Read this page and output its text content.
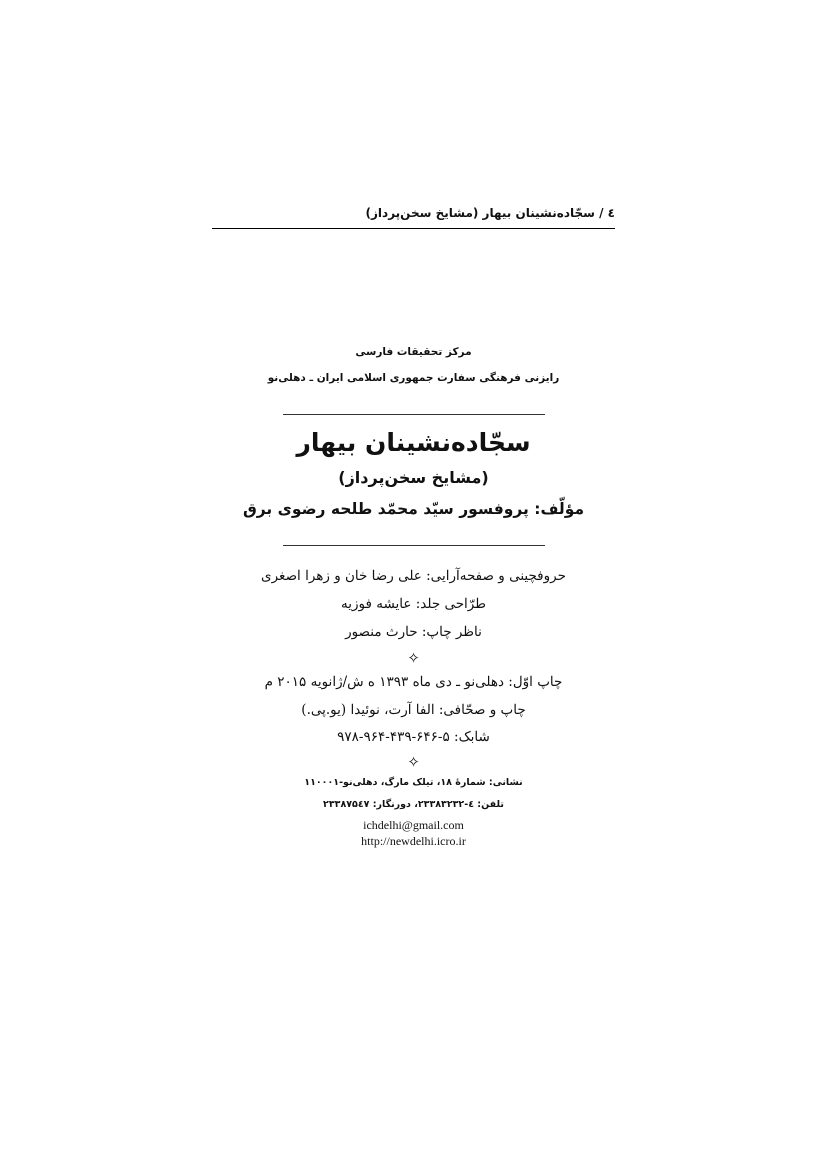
٤ / سجّاده‌نشینان بیهار (مشایخ سخن‌پرداز)
مرکز تحقیقات فارسی
رایزنی فرهنگی سفارت جمهوری اسلامی ایران ـ دهلی‌نو
سجّاده‌نشینان بیهار
(مشایخ سخن‌پرداز)
مؤلّف: پروفسور سیّد محمّد طلحه رضوی برق
حروفچینی و صفحه‌آرایی: علی رضا خان و زهرا اصغری
طرّاحی جلد: عایشه فوزیه
ناظر چاپ: حارث منصور
✧
چاپ اوّل: دهلی‌نو ـ دی ماه ۱۳۹۳ ه ش/ژانویه ۲۰۱۵ م
چاپ و صحّافی: الفا آرت، نوئیدا (یو.پی.)
شابک: ۵-۶۴۶-۴۳۹-۹۶۴-۹۷۸
✧
نشانی: شمارهٔ ۱۸، تیلک مارگ، دهلی‌نو-۱۱۰۰۰۱
تلفن: ٤-۲۳۳۸۳۲۳۲، دورنگار: ۲۳۳۸۷۵٤۷
ichdelhi@gmail.com
http://newdelhi.icro.ir
